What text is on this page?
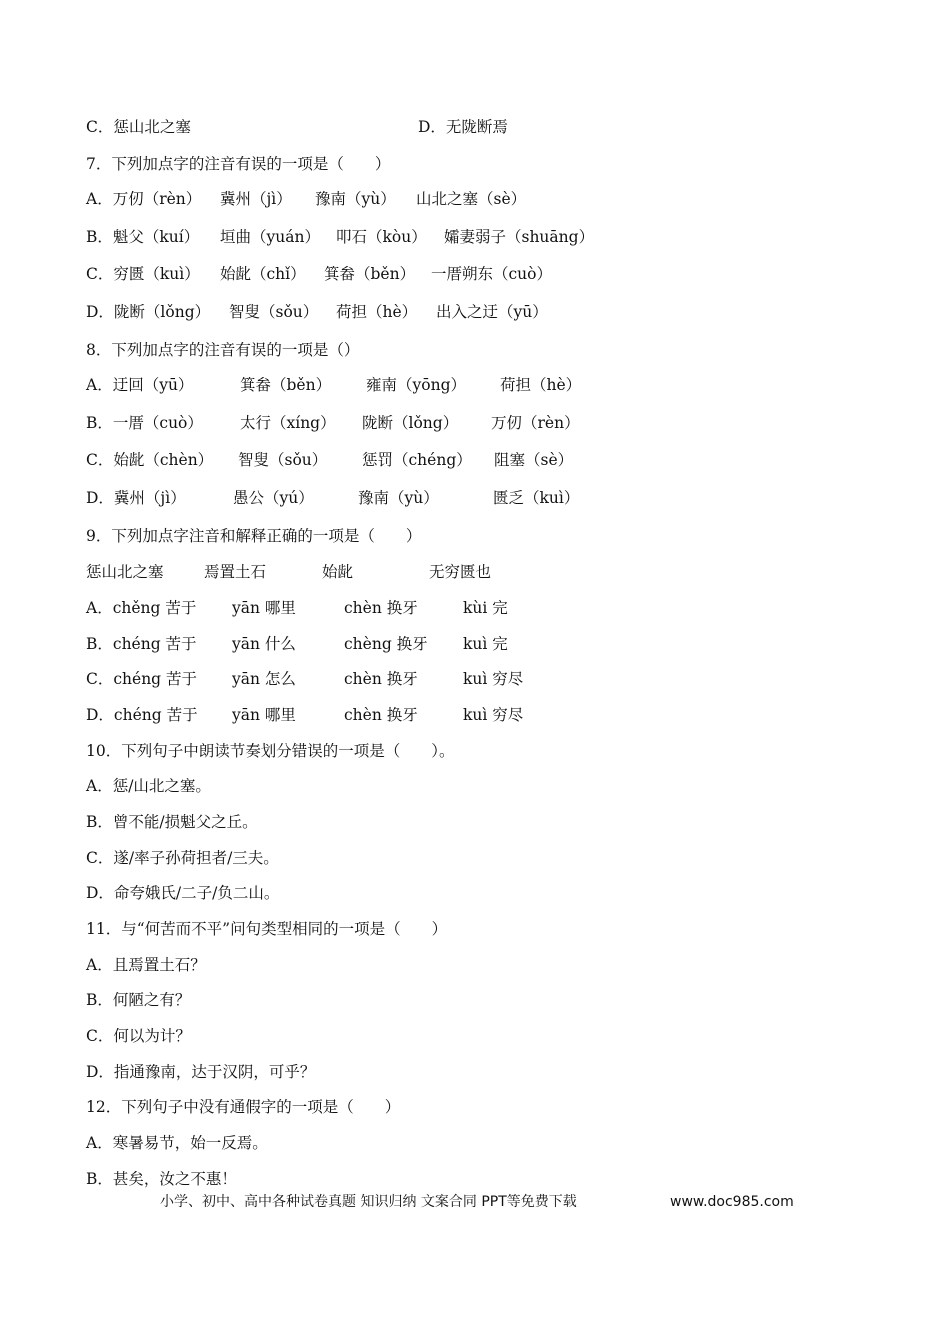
C．惩山北之塞	D．无陇断焉
7．下列加点字的注音有误的一项是（　　）
A．万仞（rèn） 冀州（jì） 豫南（yù） 山北之塞（sè）
B．魁父（kuí） 垣曲（yuán） 叩石（kòu） 孀妻弱子（shuāng）
C．穷匮（kuì） 始龀（chǐ） 箕畚（běn） 一厝朔东（cuò）
D．陇断（lǒng） 智叟（sǒu） 荷担（hè） 出入之迂（yū）
8．下列加点字的注音有误的一项是（）
A．迂回（yū）	箕畚（běn） 雍南（yōng） 荷担（hè）
B．一厝（cuò） 太行（xíng） 陇断（lǒng） 万仞（rèn）
C．始龀（chèn） 智叟（sǒu） 惩罚（chéng） 阻塞（sè）
D．冀州（jì）	愚公（yú）	豫南（yù）	匮乏（kuì）
9．下列加点字注音和解释正确的一项是（　　）
惩山北之塞	焉置土石	始龀	无穷匮也
A．chěng 苦于 yān 哪里	chèn 换牙	kùi 完
B．chéng 苦于 yān 什么	chèng 换牙 kuì 完
C．chéng 苦于 yān 怎么	chèn 换牙	kuì 穷尽
D．chéng 苦于 yān 哪里	chèn 换牙	kuì 穷尽
10．下列句子中朗读节奏划分错误的一项是（　　）。
A．惩/山北之塞。
B．曾不能/损魁父之丘。
C．遂/率子孙荷担者/三夫。
D．命夸娥氏/二子/负二山。
11．与“何苦而不平”问句类型相同的一项是（　　）
A．且焉置土石？
B．何陋之有？
C．何以为计？
D．指通豫南，达于汉阴，可乎？
12．下列句子中没有通假字的一项是（　　）
A．寒暑易节，始一反焉。
B．甚矣，汝之不惠！
小学、初中、高中各种试卷真题 知识归纳 文案合同 PPT等免费下载	www.doc985.com
